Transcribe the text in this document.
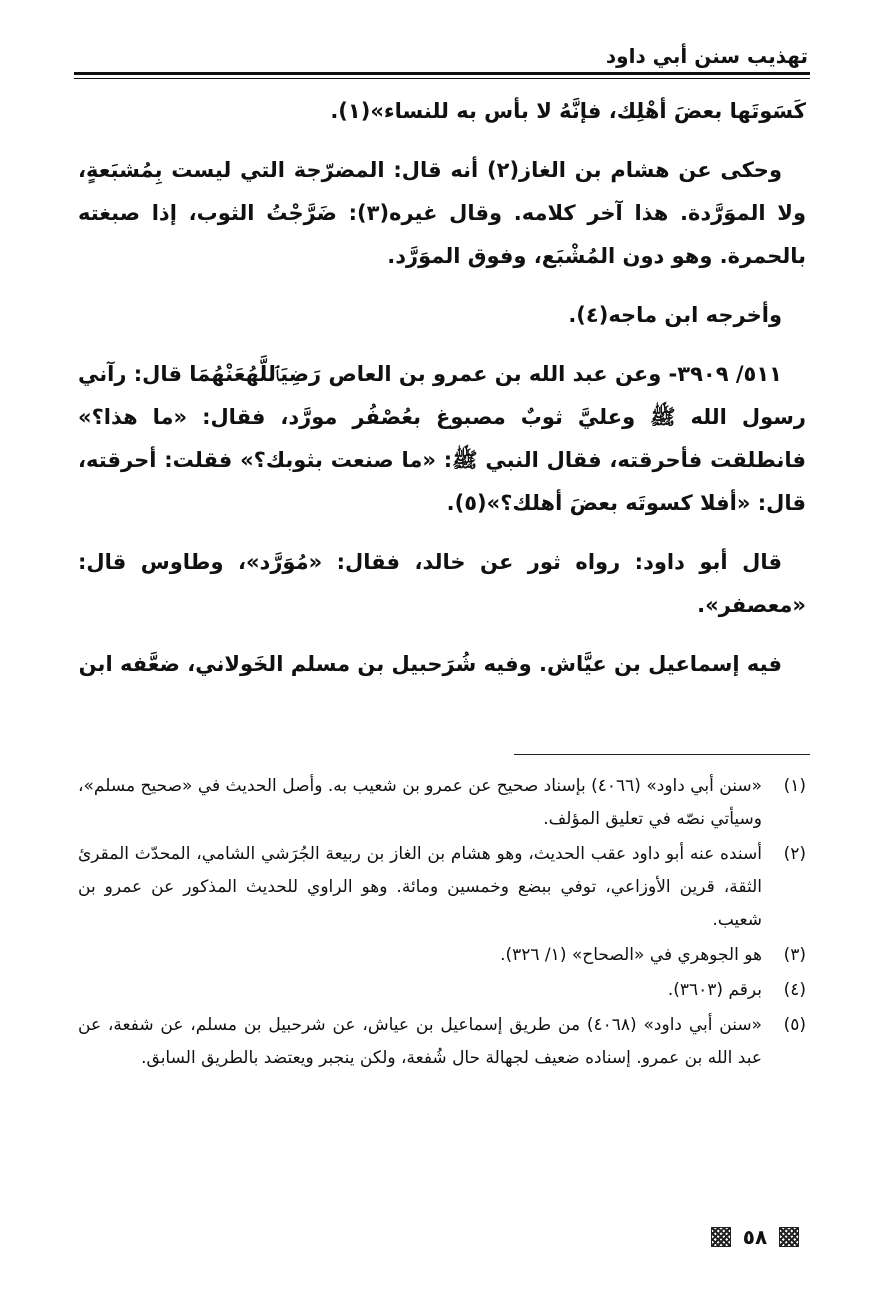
تهذيب سنن أبي داود

كَسَوتَها بعضَ أهْلِك، فإنَّهُ لا بأس به للنساء»(١).

وحكى عن هشام بن الغاز(٢) أنه قال: المضرّجة التي ليست بِمُشبَعةٍ، ولا الموَرَّدة. هذا آخر كلامه. وقال غيره(٣): ضَرَّجْتُ الثوب، إذا صبغته بالحمرة. وهو دون المُشْبَع، وفوق الموَرَّد.

وأخرجه ابن ماجه(٤).

٥١١/ ٣٩٠٩- وعن عبد الله بن عمرو بن العاص رَضِيَٱللَّهُعَنْهُمَا قال: رآني رسول الله ﷺ وعليَّ ثوبٌ مصبوغ بعُصْفُر مورَّد، فقال: «ما هذا؟» فانطلقت فأحرقته، فقال النبي ﷺ: «ما صنعت بثوبك؟» فقلت: أحرقته، قال: «أفلا كسوتَه بعضَ أهلك؟»(٥).

قال أبو داود: رواه ثور عن خالد، فقال: «مُوَرَّد»، وطاوس قال: «معصفر».

فيه إسماعيل بن عيَّاش. وفيه شُرَحبيل بن مسلم الخَولاني، ضعَّفه ابن

(١)
«سنن أبي داود» (٤٠٦٦) بإسناد صحيح عن عمرو بن شعيب به. وأصل الحديث في «صحيح مسلم»، وسيأتي نصّه في تعليق المؤلف.
(٢)
أسنده عنه أبو داود عقب الحديث، وهو هشام بن الغاز بن ربيعة الجُرَشي الشامي، المحدّث المقرئ الثقة، قرين الأوزاعي، توفي ببضع وخمسين ومائة. وهو الراوي للحديث المذكور عن عمرو بن شعيب.
(٣)
هو الجوهري في «الصحاح» (١/ ٣٢٦).
(٤)
برقم (٣٦٠٣).
(٥)
«سنن أبي داود» (٤٠٦٨) من طريق إسماعيل بن عياش، عن شرحبيل بن مسلم، عن شفعة، عن عبد الله بن عمرو. إسناده ضعيف لجهالة حال شُفعة، ولكن ينجبر ويعتضد بالطريق السابق.
٥٨
